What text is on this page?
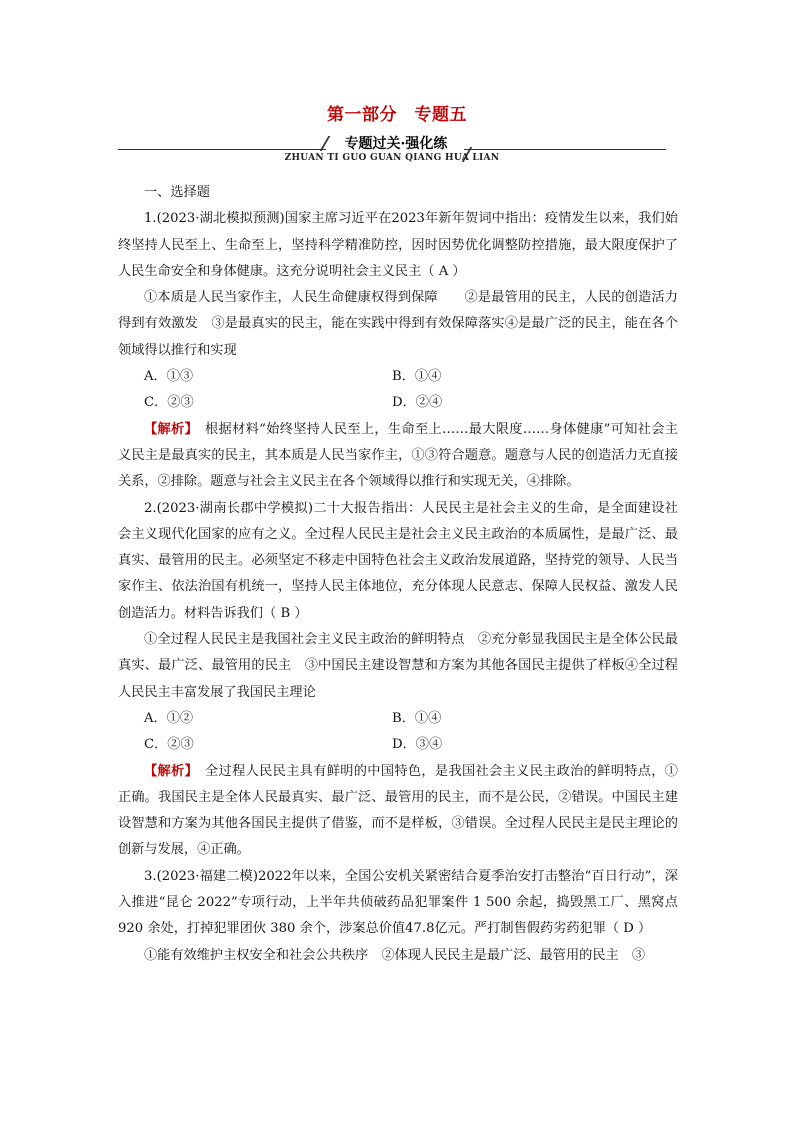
第一部分　专题五
专题过关·强化练
ZHUAN TI GUO GUAN QIANG HUA LIAN

一、选择题

1.(2023·湖北模拟预测)国家主席习近平在2023年新年贺词中指出：疫情发生以来，我们始终坚持人民至上、生命至上，坚持科学精准防控，因时因势优化调整防控措施，最大限度保护了人民生命安全和身体健康。这充分说明社会主义民主（ A ）

①本质是人民当家作主，人民生命健康权得到保障　　②是最管用的民主，人民的创造活力得到有效激发　③是最真实的民主，能在实践中得到有效保障落实④是最广泛的民主，能在各个领域得以推行和实现

A．①③	B．①④
C．②③	D．②④

【解析】　根据材料“始终坚持人民至上，生命至上……最大限度……身体健康”可知社会主义民主是最真实的民主，其本质是人民当家作主，①③符合题意。题意与人民的创造活力无直接关系，②排除。题意与社会主义民主在各个领域得以推行和实现无关，④排除。

2.(2023·湖南长郡中学模拟)二十大报告指出：人民民主是社会主义的生命，是全面建设社会主义现代化国家的应有之义。全过程人民民主是社会主义民主政治的本质属性，是最广泛、最真实、最管用的民主。必须坚定不移走中国特色社会主义政治发展道路，坚持党的领导、人民当家作主、依法治国有机统一，坚持人民主体地位，充分体现人民意志、保障人民权益、激发人民创造活力。材料告诉我们（ B ）

①全过程人民民主是我国社会主义民主政治的鲜明特点　②充分彰显我国民主是全体公民最真实、最广泛、最管用的民主　③中国民主建设智慧和方案为其他各国民主提供了样板④全过程人民民主丰富发展了我国民主理论

A．①②	B．①④
C．②③	D．③④

【解析】　全过程人民民主具有鲜明的中国特色，是我国社会主义民主政治的鲜明特点，①正确。我国民主是全体人民最真实、最广泛、最管用的民主，而不是公民，②错误。中国民主建设智慧和方案为其他各国民主提供了借鉴，而不是样板，③错误。全过程人民民主是民主理论的创新与发展，④正确。

3.(2023·福建二模)2022年以来，全国公安机关紧密结合夏季治安打击整治“百日行动”，深入推进“昆仑 2022”专项行动，上半年共侦破药品犯罪案件 1 500 余起，捣毁黑工厂、黑窝点 920 余处，打掉犯罪团伙 380 余个，涉案总价值47.8亿元。严打制售假药劣药犯罪（ D ）

①能有效维护主权安全和社会公共秩序　②体现人民民主是最广泛、最管用的民主　③
